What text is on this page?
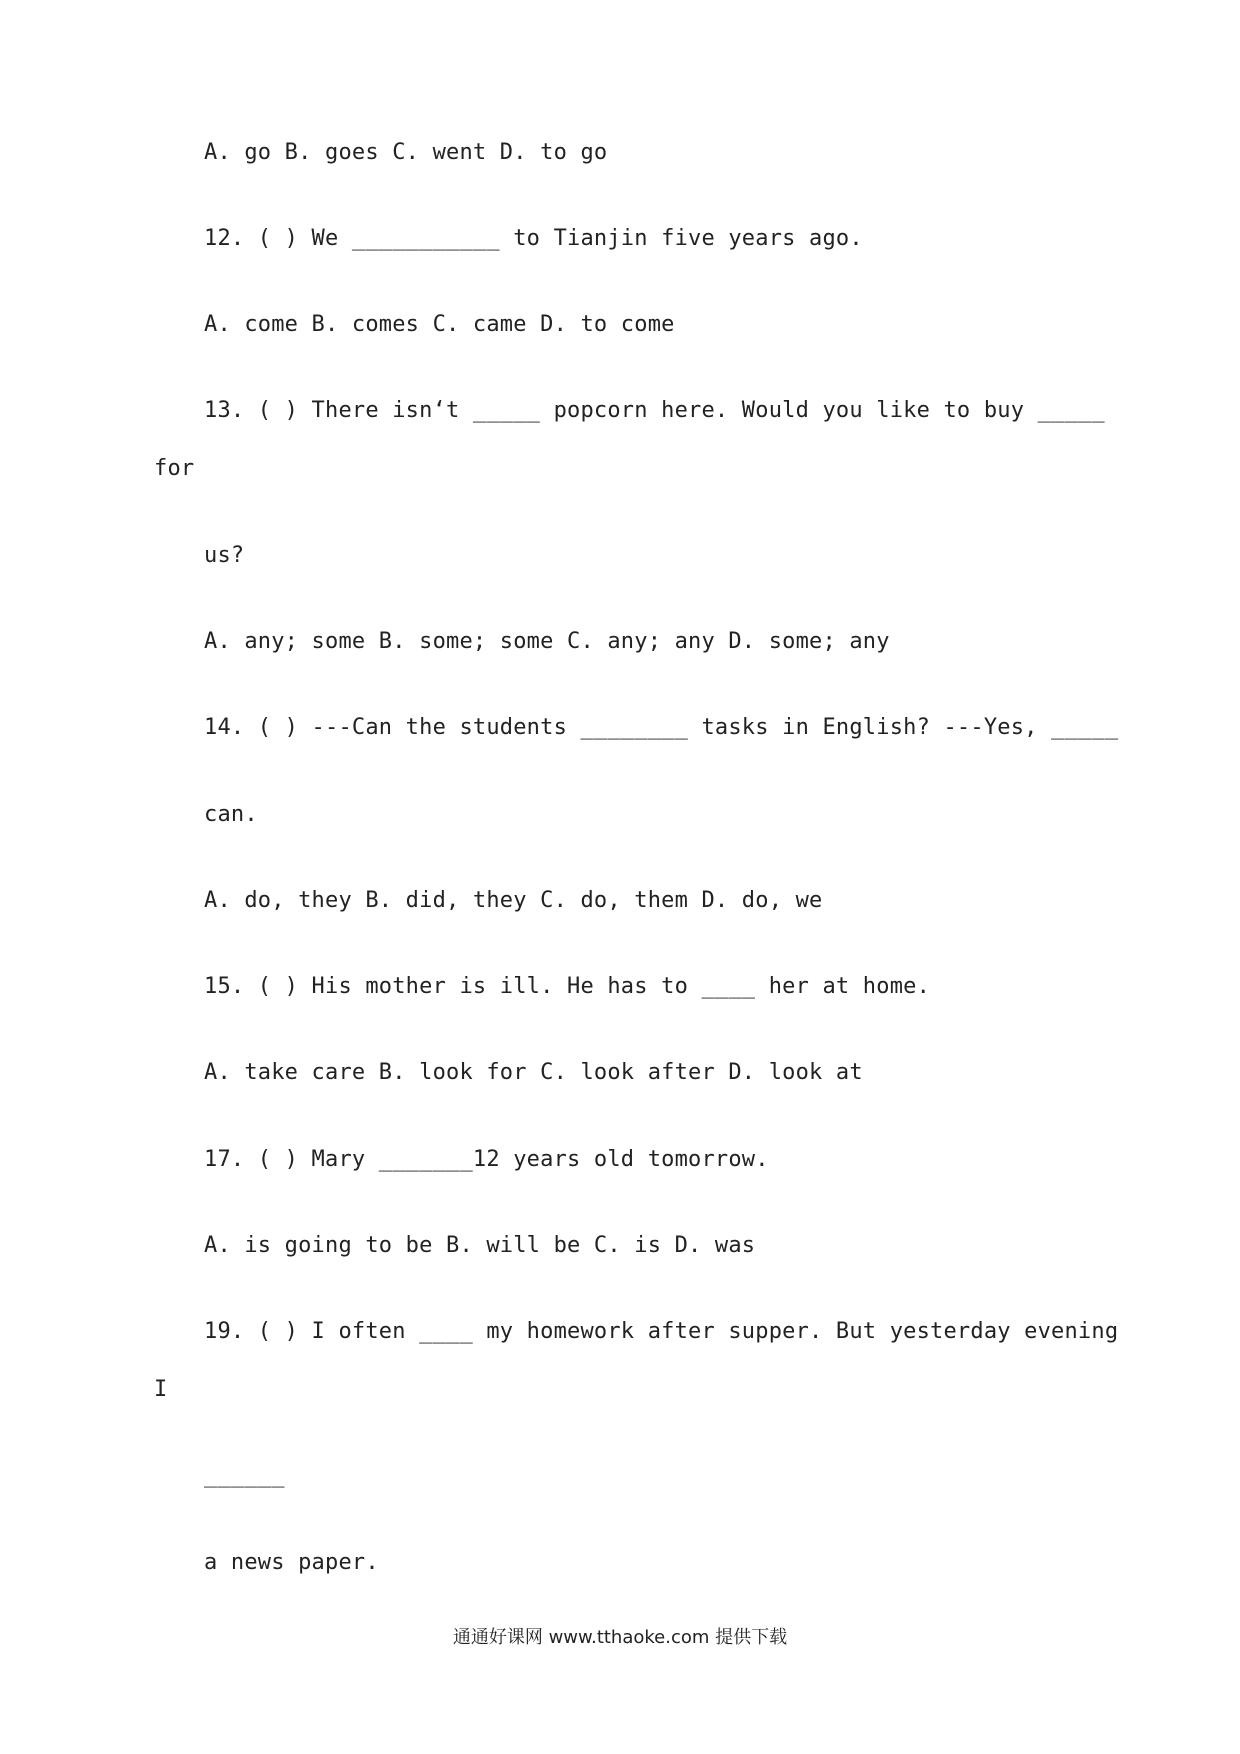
A. go B. goes C. went D. to go
12. ( ) We ___________ to Tianjin five years ago.
A. come B. comes C. came D. to come
13. ( ) There isn‘t _____ popcorn here. Would you like to buy _____
for
us?
A. any; some B. some; some C. any; any D. some; any
14. ( ) ---Can the students ________ tasks in English? ---Yes, _____
can.
A. do, they B. did, they C. do, them D. do, we
15. ( ) His mother is ill. He has to ____ her at home.
A. take care B. look for C. look after D. look at
17. ( ) Mary _______12 years old tomorrow.
A. is going to be B. will be C. is D. was
19. ( ) I often ____ my homework after supper. But yesterday evening
I
______
a news paper.
通通好课网 www.tthaoke.com 提供下载
